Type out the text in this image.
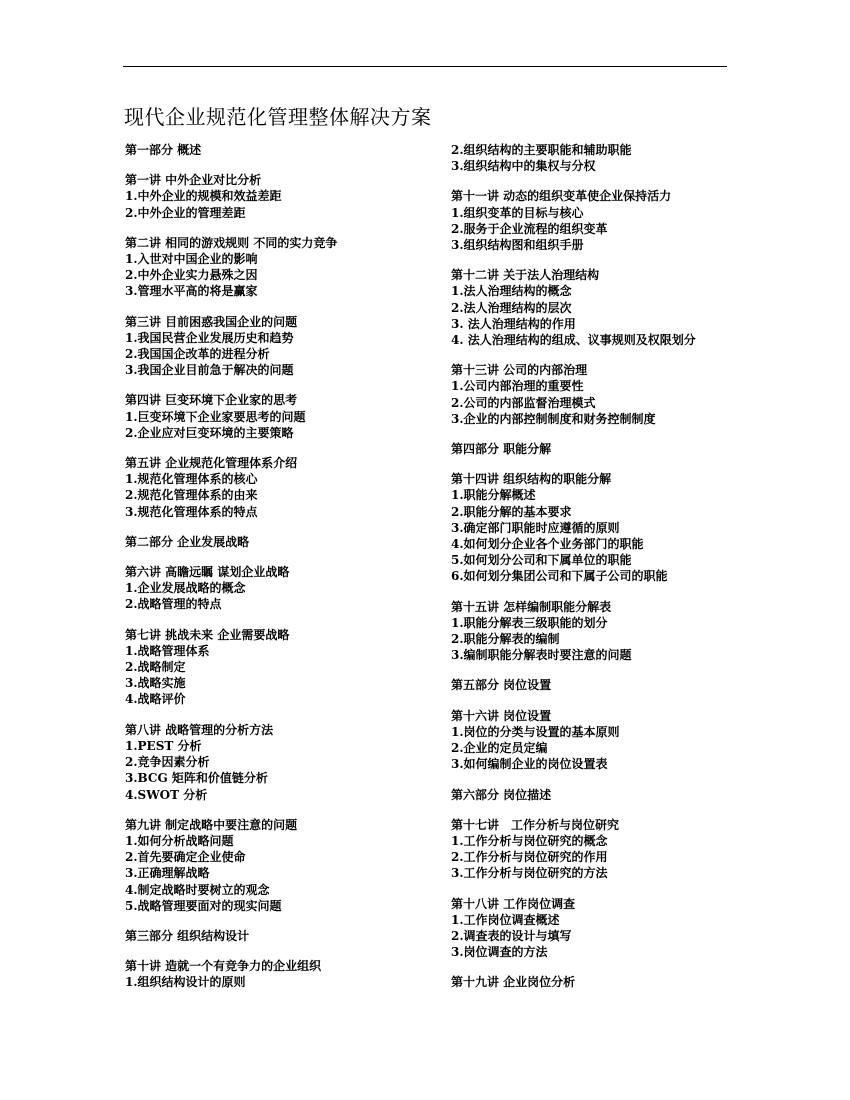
现代企业规范化管理整体解决方案
第一部分 概述
第一讲 中外企业对比分析
1.中外企业的规模和效益差距
2.中外企业的管理差距
第二讲 相同的游戏规则 不同的实力竞争
1.入世对中国企业的影响
2.中外企业实力悬殊之因
3.管理水平高的将是赢家
第三讲 目前困惑我国企业的问题
1.我国民营企业发展历史和趋势
2.我国国企改革的进程分析
3.我国企业目前急于解决的问题
第四讲 巨变环境下企业家的思考
1.巨变环境下企业家要思考的问题
2.企业应对巨变环境的主要策略
第五讲 企业规范化管理体系介绍
1.规范化管理体系的核心
2.规范化管理体系的由来
3.规范化管理体系的特点
第二部分 企业发展战略
第六讲 高瞻远瞩 谋划企业战略
1.企业发展战略的概念
2.战略管理的特点
第七讲 挑战未来 企业需要战略
1.战略管理体系
2.战略制定
3.战略实施
4.战略评价
第八讲 战略管理的分析方法
1.PEST 分析
2.竞争因素分析
3.BCG 矩阵和价值链分析
4.SWOT 分析
第九讲 制定战略中要注意的问题
1.如何分析战略问题
2.首先要确定企业使命
3.正确理解战略
4.制定战略时要树立的观念
5.战略管理要面对的现实问题
第三部分 组织结构设计
第十讲 造就一个有竞争力的企业组织
1.组织结构设计的原则
2.组织结构的主要职能和辅助职能
3.组织结构中的集权与分权
第十一讲 动态的组织变革使企业保持活力
1.组织变革的目标与核心
2.服务于企业流程的组织变革
3.组织结构图和组织手册
第十二讲 关于法人治理结构
1.法人治理结构的概念
2.法人治理结构的层次
3. 法人治理结构的作用
4. 法人治理结构的组成、议事规则及权限划分
第十三讲 公司的内部治理
1.公司内部治理的重要性
2.公司的内部监督治理模式
3.企业的内部控制制度和财务控制制度
第四部分 职能分解
第十四讲 组织结构的职能分解
1.职能分解概述
2.职能分解的基本要求
3.确定部门职能时应遵循的原则
4.如何划分企业各个业务部门的职能
5.如何划分公司和下属单位的职能
6.如何划分集团公司和下属子公司的职能
第十五讲 怎样编制职能分解表
1.职能分解表三级职能的划分
2.职能分解表的编制
3.编制职能分解表时要注意的问题
第五部分 岗位设置
第十六讲 岗位设置
1.岗位的分类与设置的基本原则
2.企业的定员定编
3.如何编制企业的岗位设置表
第六部分 岗位描述
第十七讲　工作分析与岗位研究
1.工作分析与岗位研究的概念
2.工作分析与岗位研究的作用
3.工作分析与岗位研究的方法
第十八讲 工作岗位调查
1.工作岗位调查概述
2.调查表的设计与填写
3.岗位调查的方法
第十九讲 企业岗位分析
